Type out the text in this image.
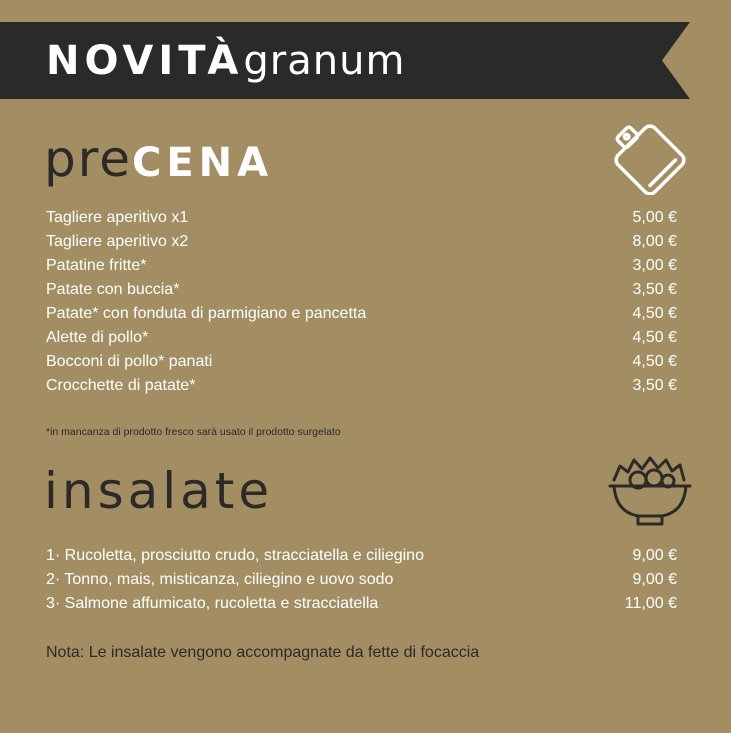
NOVITÀgranum
preCENA
Tagliere aperitivo x1	5,00 €
Tagliere aperitivo x2	8,00 €
Patatine fritte*	3,00 €
Patate con buccia*	3,50 €
Patate* con fonduta di parmigiano e pancetta	4,50 €
Alette di pollo*	4,50 €
Bocconi di pollo* panati	4,50 €
Crocchette di patate*	3,50 €
*in mancanza di prodotto fresco sarà usato il prodotto surgelato
insalate
1· Rucoletta, prosciutto crudo, stracciatella e ciliegino	9,00 €
2· Tonno, mais, misticanza, ciliegino e uovo sodo	9,00 €
3· Salmone affumicato, rucoletta e stracciatella	11,00 €
Nota: Le insalate vengono accompagnate da fette di focaccia
